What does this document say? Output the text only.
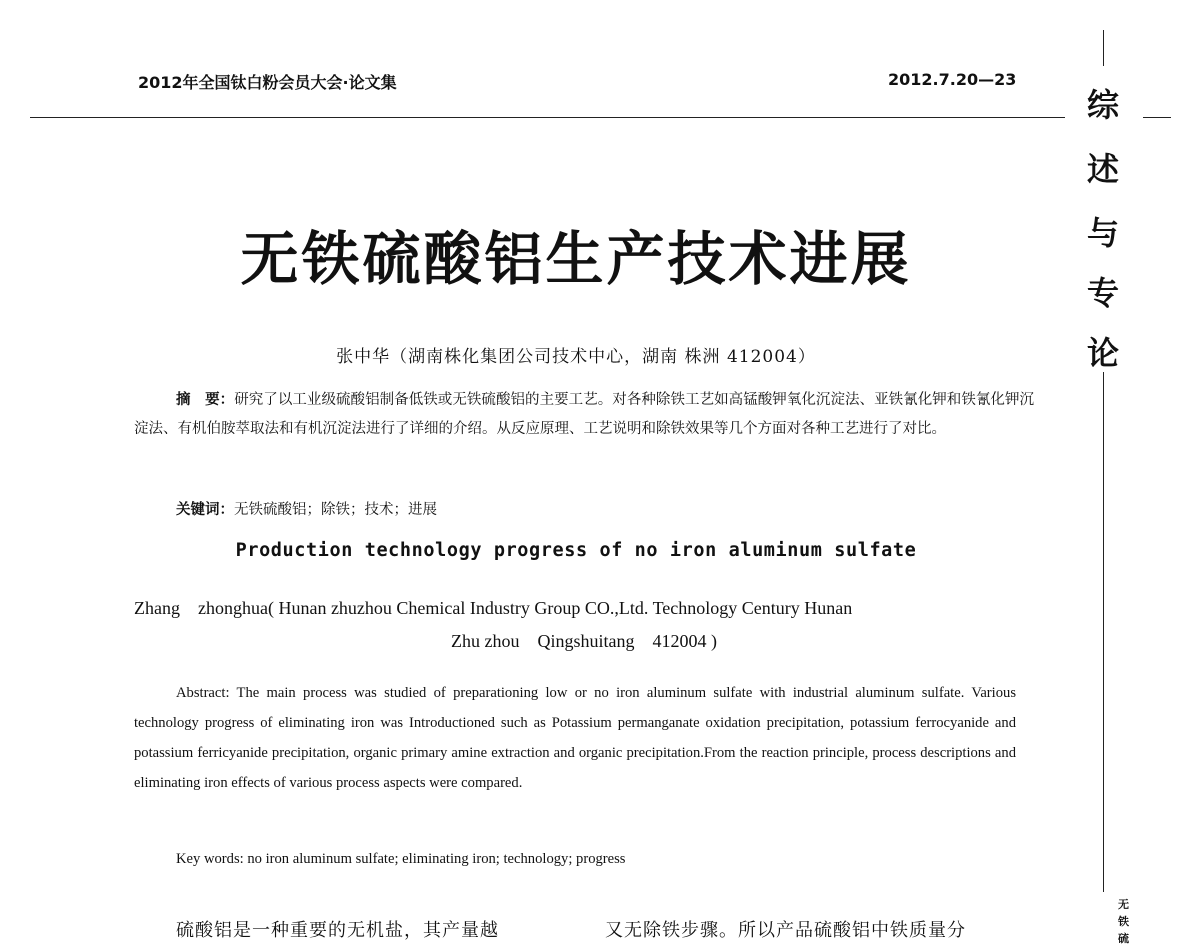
2012年全国钛白粉会员大会·论文集	2012.7.20—23
综
述
与
专
论
无
铁
硫
无铁硫酸铝生产技术进展
张中华（湖南株化集团公司技术中心，湖南 株洲 412004）
摘　要：研究了以工业级硫酸铝制备低铁或无铁硫酸铝的主要工艺。对各种除铁工艺如高锰酸钾氧化沉淀法、亚铁氰化钾和铁氰化钾沉淀法、有机伯胺萃取法和有机沉淀法进行了详细的介绍。从反应原理、工艺说明和除铁效果等几个方面对各种工艺进行了对比。
关键词：无铁硫酸铝；除铁；技术；进展
Production technology progress of no iron aluminum sulfate
Zhang　zhonghua( Hunan zhuzhou Chemical Industry Group CO.,Ltd. Technology Century Hunan
Zhu zhou　Qingshuitang　412004 )
Abstract: The main process was studied of preparationing low or no iron aluminum sulfate with industrial aluminum sulfate. Various technology progress of eliminating iron was Introductioned such as Potassium permanganate oxidation precipitation, potassium ferrocyanide and potassium ferricyanide precipitation, organic primary amine extraction and organic precipitation.From the reaction principle, process descriptions and eliminating iron effects of various process aspects were compared.
Key words: no iron aluminum sulfate; eliminating iron; technology; progress
硫酸铝是一种重要的无机盐，其产量越	又无除铁步骤。所以产品硫酸铝中铁质量分
